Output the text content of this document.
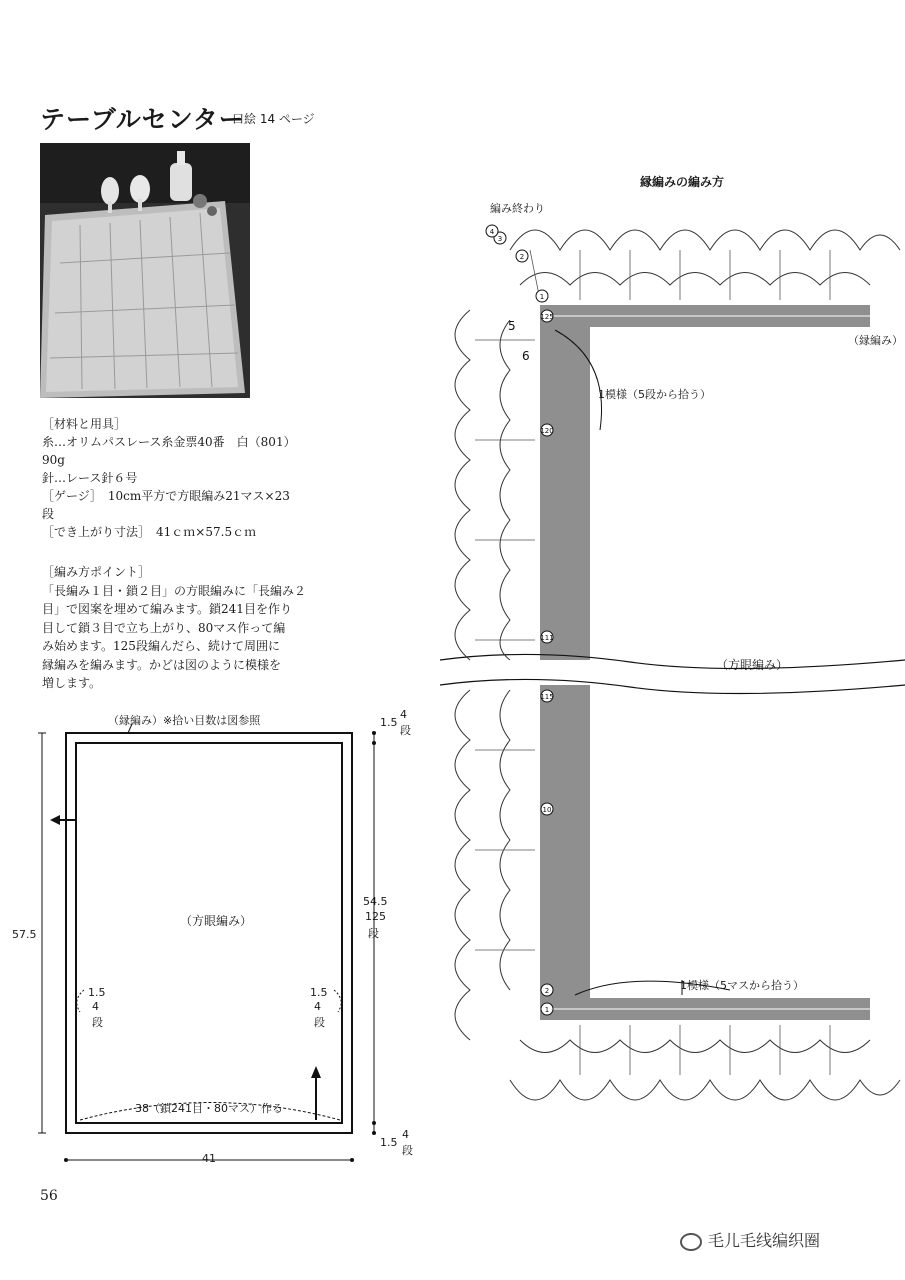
テーブルセンター
口絵 14 ページ
［材料と用具］
糸…オリムパスレース糸金票40番　白（801）
90g
針…レース針６号
［ゲージ］　 10cm平方で方眼編み21マス×23
段
［でき上がり寸法］　 41ｃｍ×57.5ｃｍ
［編み方ポイント］
「長編み１目・鎖２目」の方眼編みに「長編み２
目」で図案を埋めて編みます。鎖241目を作り
目して鎖３目で立ち上がり、80マス作って編
み始めます。125段編んだら、続けて周囲に
縁編みを編みます。かどは図のように模様を
増します。
（縁編み）※拾い目数は図参照
（方眼編み）
57.5
54.5
125
段
1.5
4
段
1.5
4
段
1.5
4
段
1.5
4
段
38（鎖241目・80マス）作る
41
縁編みの編み方
編み終わり
（縁編み）
（方眼編み）
1模様（5段から拾う）
1模様（5マスから拾う）
125
120
111
115
10
2
1
1
2
3
4
5
6
56
毛儿毛线编织圈
